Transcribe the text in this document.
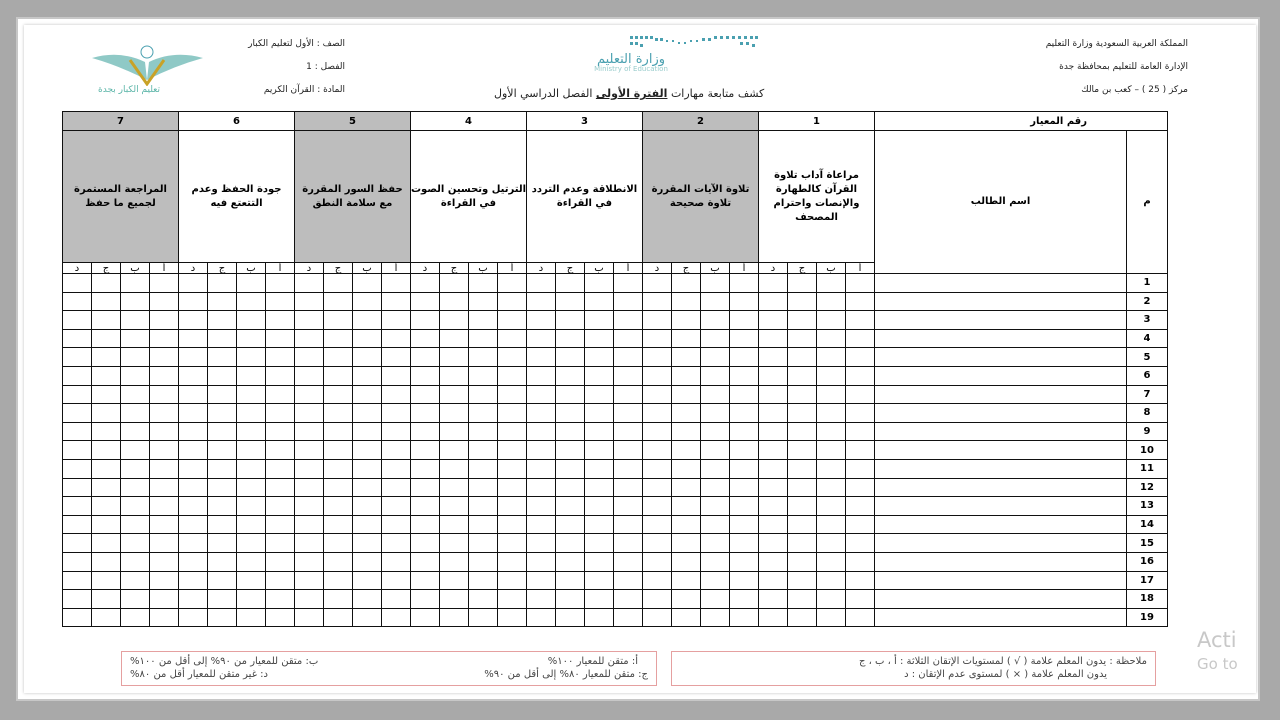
المملكة العربية السعودية وزارة التعليم
الإدارة العامة للتعليم بمحافظة جدة
مركز ( 25 ) – كعب بن مالك
وزارة التعليم
Ministry of Education
الصف : الأول لتعليم الكبار
الفصل : 1
المادة : القرآن الكريم
تعليم الكبار بجدة	كشف متابعة مهارات الفترة الأولى الفصل الدراسي الأول
رقم المعيار		1				2				3				4				5				6				7			
م	اسم الطالب	مراعاة آداب تلاوة القرآن كالطهارة والإنصات واحترام المصحف				تلاوة الآيات المقررة تلاوة صحيحة				الانطلاقة وعدم التردد في القراءة				الترتيل وتحسين الصوت في القراءة				حفظ السور المقررة مع سلامة النطق				جودة الحفظ وعدم التتعتع فيه				المراجعة المستمرة لجميع ما حفظ			
		أ	ب	ج	د	أ	ب	ج	د	أ	ب	ج	د	أ	ب	ج	د	أ	ب	ج	د	أ	ب	ج	د	أ	ب	ج	د
1																													
2																													
3																													
4																													
5																													
6																													
7																													
8																													
9																													
10																													
11																													
12																													
13																													
14																													
15																													
16																													
17																													
18																													
19																													
ملاحظة : يدون المعلم علامة ( √ ) لمستويات الإتقان الثلاثة : أ ، ب ، ج
يدون المعلم علامة ( × ) لمستوى عدم الإتقان : د
أ: متقن للمعيار ١٠٠%
ب: متقن للمعيار من ٩٠% إلى أقل من ١٠٠%
ج: متقن للمعيار ٨٠% إلى أقل من ٩٠%
د: غير متقن للمعيار أقل من ٨٠%
Acti
Go to
